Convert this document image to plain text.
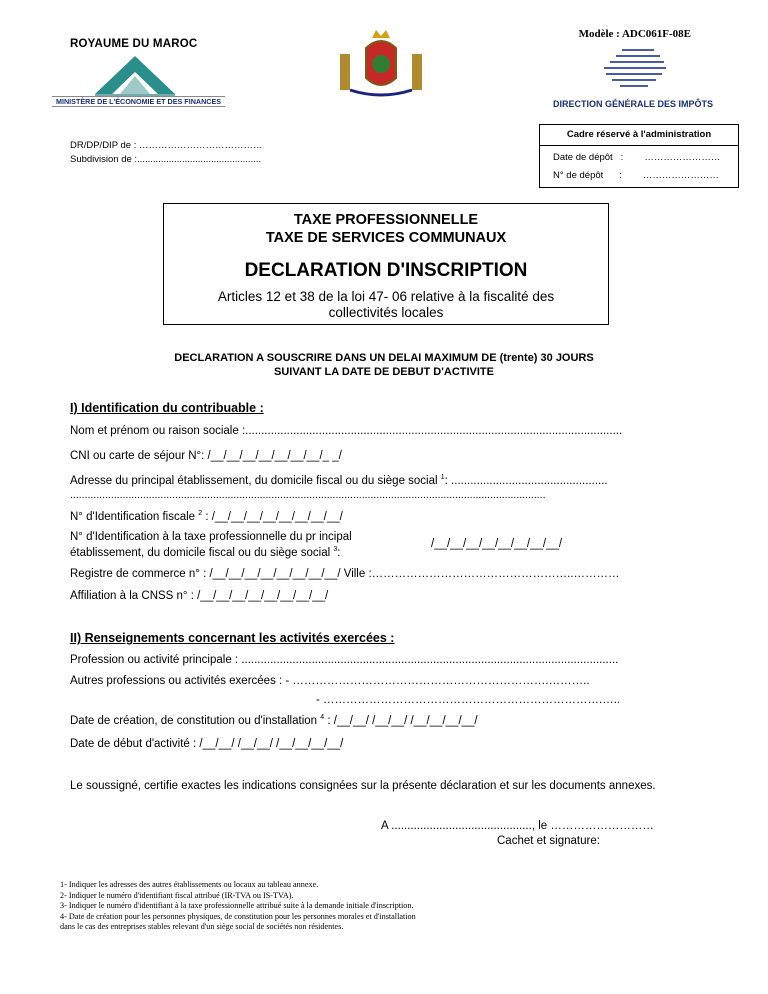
Modèle : ADC061F-08E
ROYAUME DU MAROC
MINISTÈRE DE L'ÉCONOMIE ET DES FINANCES	DIRECTION GÉNÉRALE DES IMPÔTS
DR/DP/DIP de : …………………………………
Subdivision de :...............................................
Cadre réservé à l'administration
Date de dépôt   :        ……………………
N° de dépôt      :        ……………………
TAXE PROFESSIONNELLE
TAXE DE SERVICES COMMUNAUX
DECLARATION D'INSCRIPTION
Articles 12 et 38 de la loi 47- 06 relative à la fiscalité des collectivités locales
DECLARATION A SOUSCRIRE DANS UN DELAI MAXIMUM DE (trente) 30 JOURS
SUIVANT LA DATE DE DEBUT D'ACTIVITE
I) Identification du contribuable :
Nom et prénom ou raison sociale :......................................................................................................................
CNI ou carte de séjour N°: /__/__/__/__/__/__/__/_ _/
Adresse du principal établissement, du domicile fiscal ou du siège social $^1$: .................................................
...................................................................................................................................................................
N° d'Identification fiscale $^2$ : /__/__/__/__/__/__/__/__/
N° d'Identification à la taxe professionnelle du pr incipal
établissement, du domicile fiscal ou du siège social $^3$:
/__/__/__/__/__/__/__/__/
Registre de commerce n° : /__/__/__/__/__/__/__/__/ Ville :……………………………………………..…………
Affiliation à la CNSS n° : /__/__/__/__/__/__/__/__/
II) Renseignements concernant les activités exercées :
Profession ou activité principale : ......................................................................................................................
Autres professions ou activités exercées : - ………………………………………………………….………..
- ……………………………………………………………….…..
Date de création, de constitution ou d'installation $^4$ : /__/__/ /__/__/ /__/__/__/__/
Date de début d'activité : /__/__/ /__/__/ /__/__/__/__/
Le soussigné, certifie exactes les indications consignées sur la présente déclaration et sur les documents annexes.
A ............................................, le ………………………
Cachet et signature:
1- Indiquer les adresses des autres établissements ou locaux au tableau annexe.
2- Indiquer le numéro d'identifiant fiscal attribué (IR-TVA ou IS-TVA).
3- Indiquer le numéro d'identifiant à la taxe professionnelle attribué suite à la demande initiale d'inscription.
4- Date de création pour les personnes physiques, de constitution pour les personnes morales et d'installation
dans le cas des entreprises stables relevant d'un siège social de sociétés non résidentes.
